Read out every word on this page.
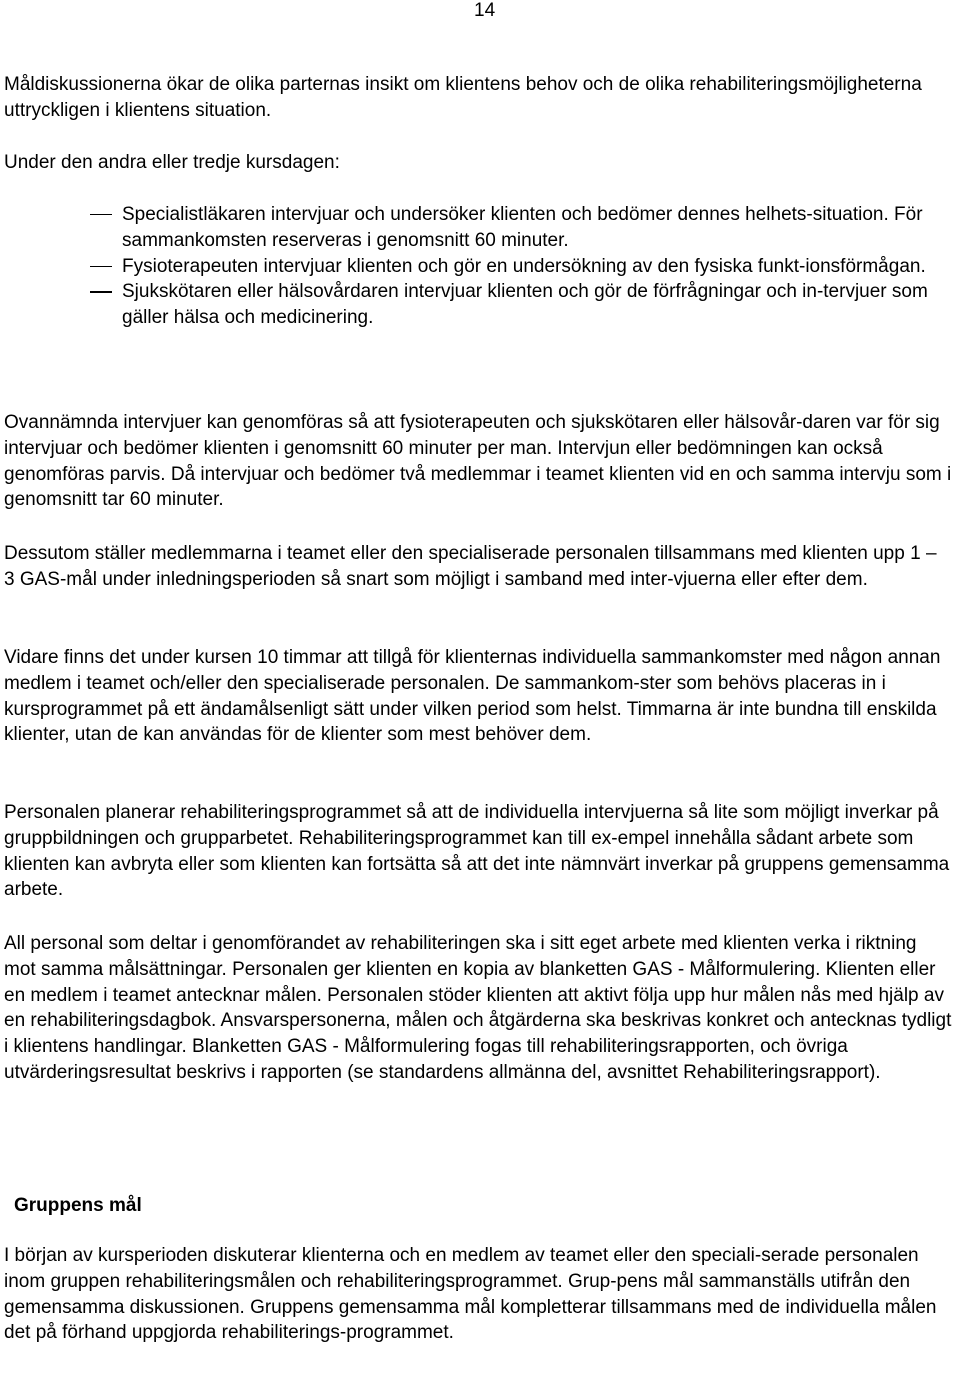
14

Måldiskussionerna ökar de olika parternas insikt om klientens behov och de olika rehabiliteringsmöjligheterna uttryckligen i klientens situation.

Under den andra eller tredje kursdagen:

Specialistläkaren intervjuar och undersöker klienten och bedömer dennes helhets-situation. För sammankomsten reserveras i genomsnitt 60 minuter.
Fysioterapeuten intervjuar klienten och gör en undersökning av den fysiska funkt-ionsförmågan.
Sjukskötaren eller hälsovårdaren intervjuar klienten och gör de förfrågningar och in-tervjuer som gäller hälsa och medicinering.

Ovannämnda intervjuer kan genomföras så att fysioterapeuten och sjukskötaren eller hälsovår-daren var för sig intervjuar och bedömer klienten i genomsnitt 60 minuter per man. Intervjun eller bedömningen kan också genomföras parvis. Då intervjuar och bedömer två medlemmar i teamet klienten vid en och samma intervju som i genomsnitt tar 60 minuter.

Dessutom ställer medlemmarna i teamet eller den specialiserade personalen tillsammans med klienten upp 1 – 3 GAS-mål under inledningsperioden så snart som möjligt i samband med inter-vjuerna eller efter dem.

Vidare finns det under kursen 10 timmar att tillgå för klienternas individuella sammankomster med någon annan medlem i teamet och/eller den specialiserade personalen. De sammankom-ster som behövs placeras in i kursprogrammet på ett ändamålsenligt sätt under vilken period som helst. Timmarna är inte bundna till enskilda klienter, utan de kan användas för de klienter som mest behöver dem.

Personalen planerar rehabiliteringsprogrammet så att de individuella intervjuerna så lite som möjligt inverkar på gruppbildningen och grupparbetet. Rehabiliteringsprogrammet kan till ex-empel innehålla sådant arbete som klienten kan avbryta eller som klienten kan fortsätta så att det inte nämnvärt inverkar på gruppens gemensamma arbete.

All personal som deltar i genomförandet av rehabiliteringen ska i sitt eget arbete med klienten verka i riktning mot samma målsättningar. Personalen ger klienten en kopia av blanketten GAS - Målformulering. Klienten eller en medlem i teamet antecknar målen. Personalen stöder klienten att aktivt följa upp hur målen nås med hjälp av en rehabiliteringsdagbok. Ansvarspersonerna, målen och åtgärderna ska beskrivas konkret och antecknas tydligt i klientens handlingar. Blanketten GAS - Målformulering fogas till rehabiliteringsrapporten, och övriga utvärderingsresultat beskrivs i rapporten (se standardens allmänna del, avsnittet Rehabiliteringsrapport).

Gruppens mål

I början av kursperioden diskuterar klienterna och en medlem av teamet eller den speciali-serade personalen inom gruppen rehabiliteringsmålen och rehabiliteringsprogrammet. Grup-pens mål sammanställs utifrån den gemensamma diskussionen. Gruppens gemensamma mål kompletterar tillsammans med de individuella målen det på förhand uppgjorda rehabiliterings-programmet.
